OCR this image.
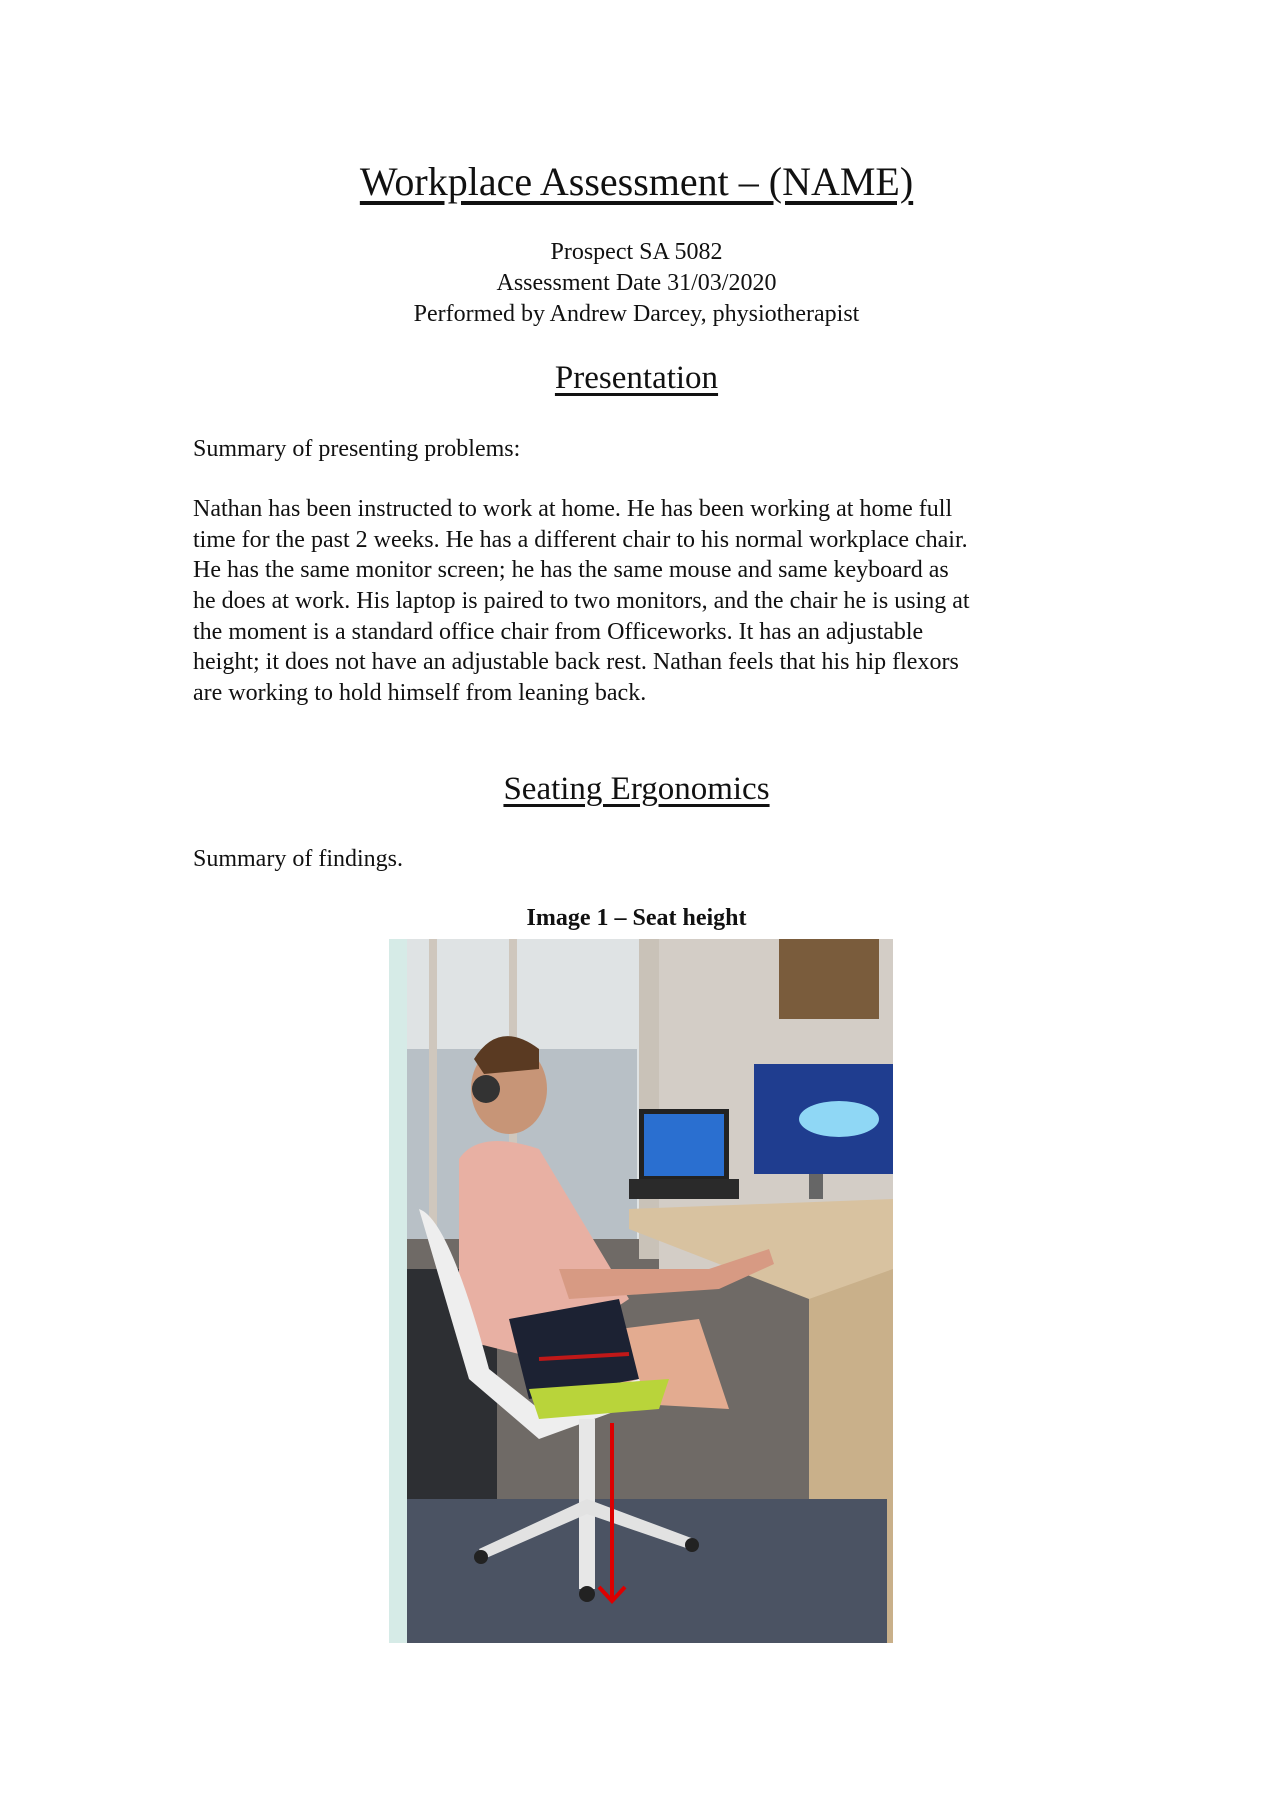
Workplace Assessment – (NAME)
Prospect SA 5082
Assessment Date 31/03/2020
Performed by Andrew Darcey, physiotherapist
Presentation
Summary of presenting problems:
Nathan has been instructed to work at home. He has been working at home full
time for the past 2 weeks. He has a different chair to his normal workplace chair.
He has the same monitor screen; he has the same mouse and same keyboard as
he does at work. His laptop is paired to two monitors, and the chair he is using at
the moment is a standard office chair from Officeworks. It has an adjustable
height; it does not have an adjustable back rest. Nathan feels that his hip flexors
are working to hold himself from leaning back.
Seating Ergonomics
Summary of findings.
Image 1 – Seat height
